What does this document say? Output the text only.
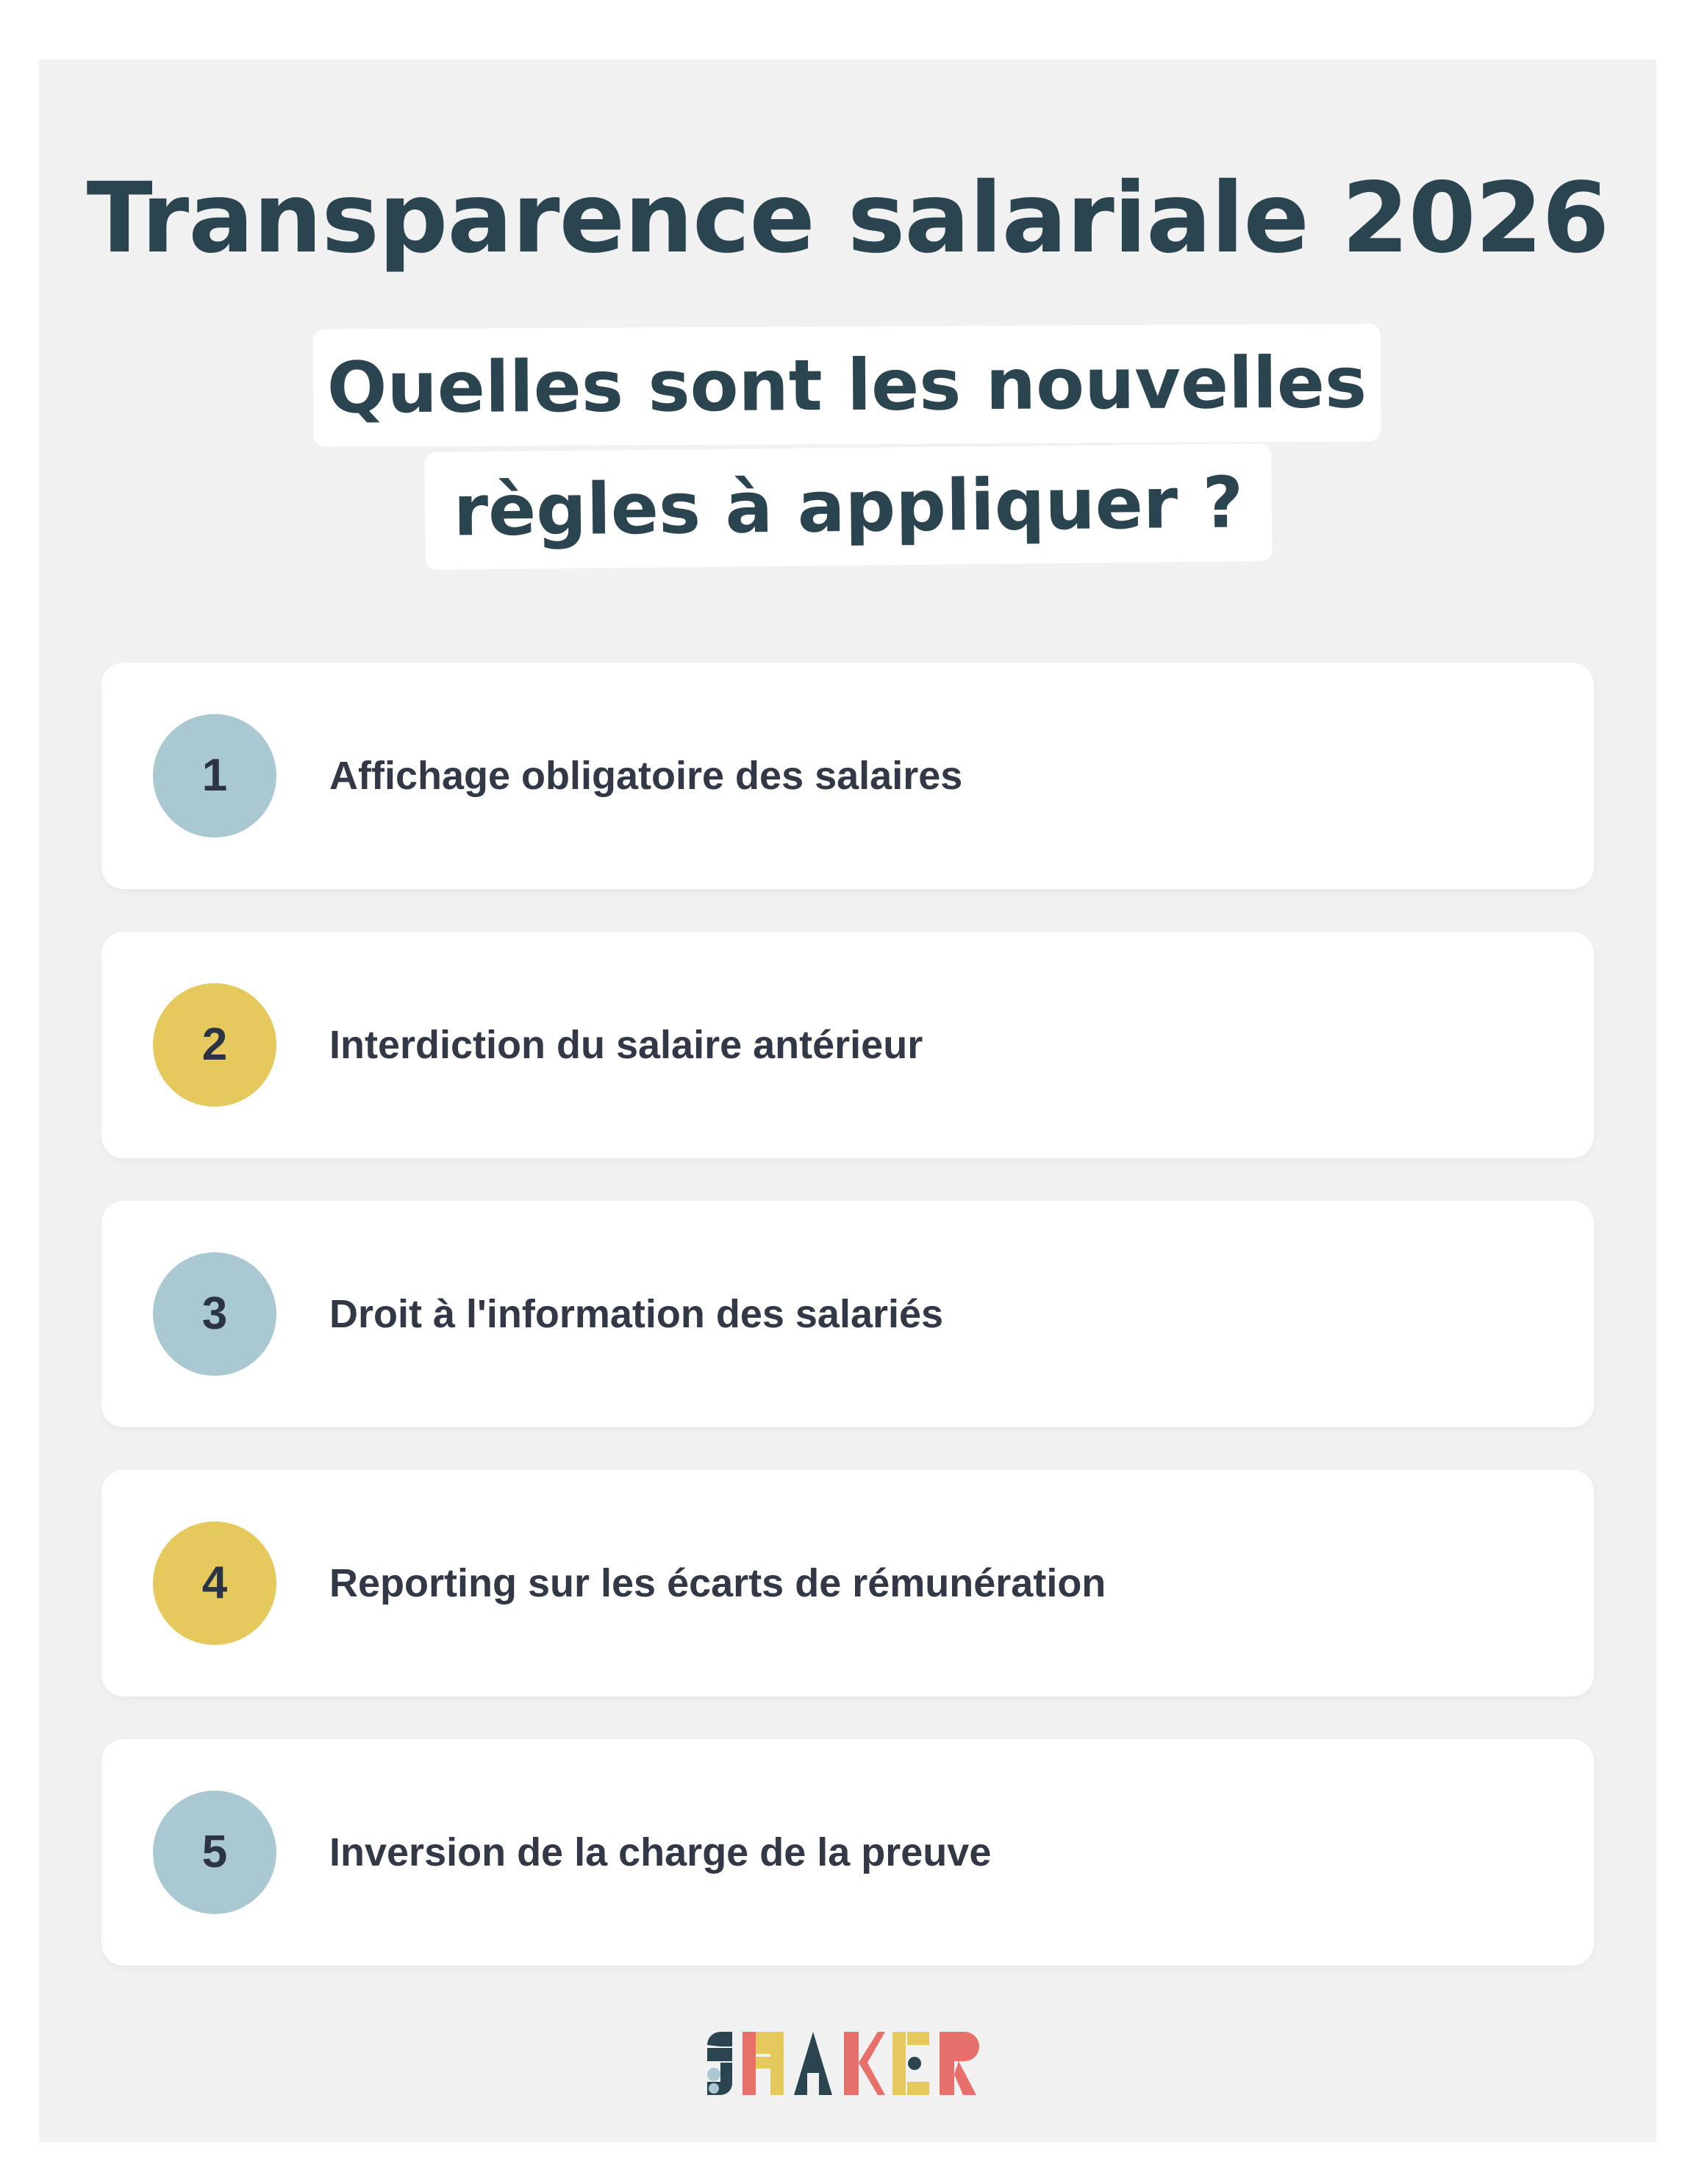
Transparence salariale 2026
Quelles sont les nouvelles
règles à appliquer ?
1	Affichage obligatoire des salaires
2	Interdiction du salaire antérieur
3	Droit à l'information des salariés
4	Reporting sur les écarts de rémunération
5	Inversion de la charge de la preuve
